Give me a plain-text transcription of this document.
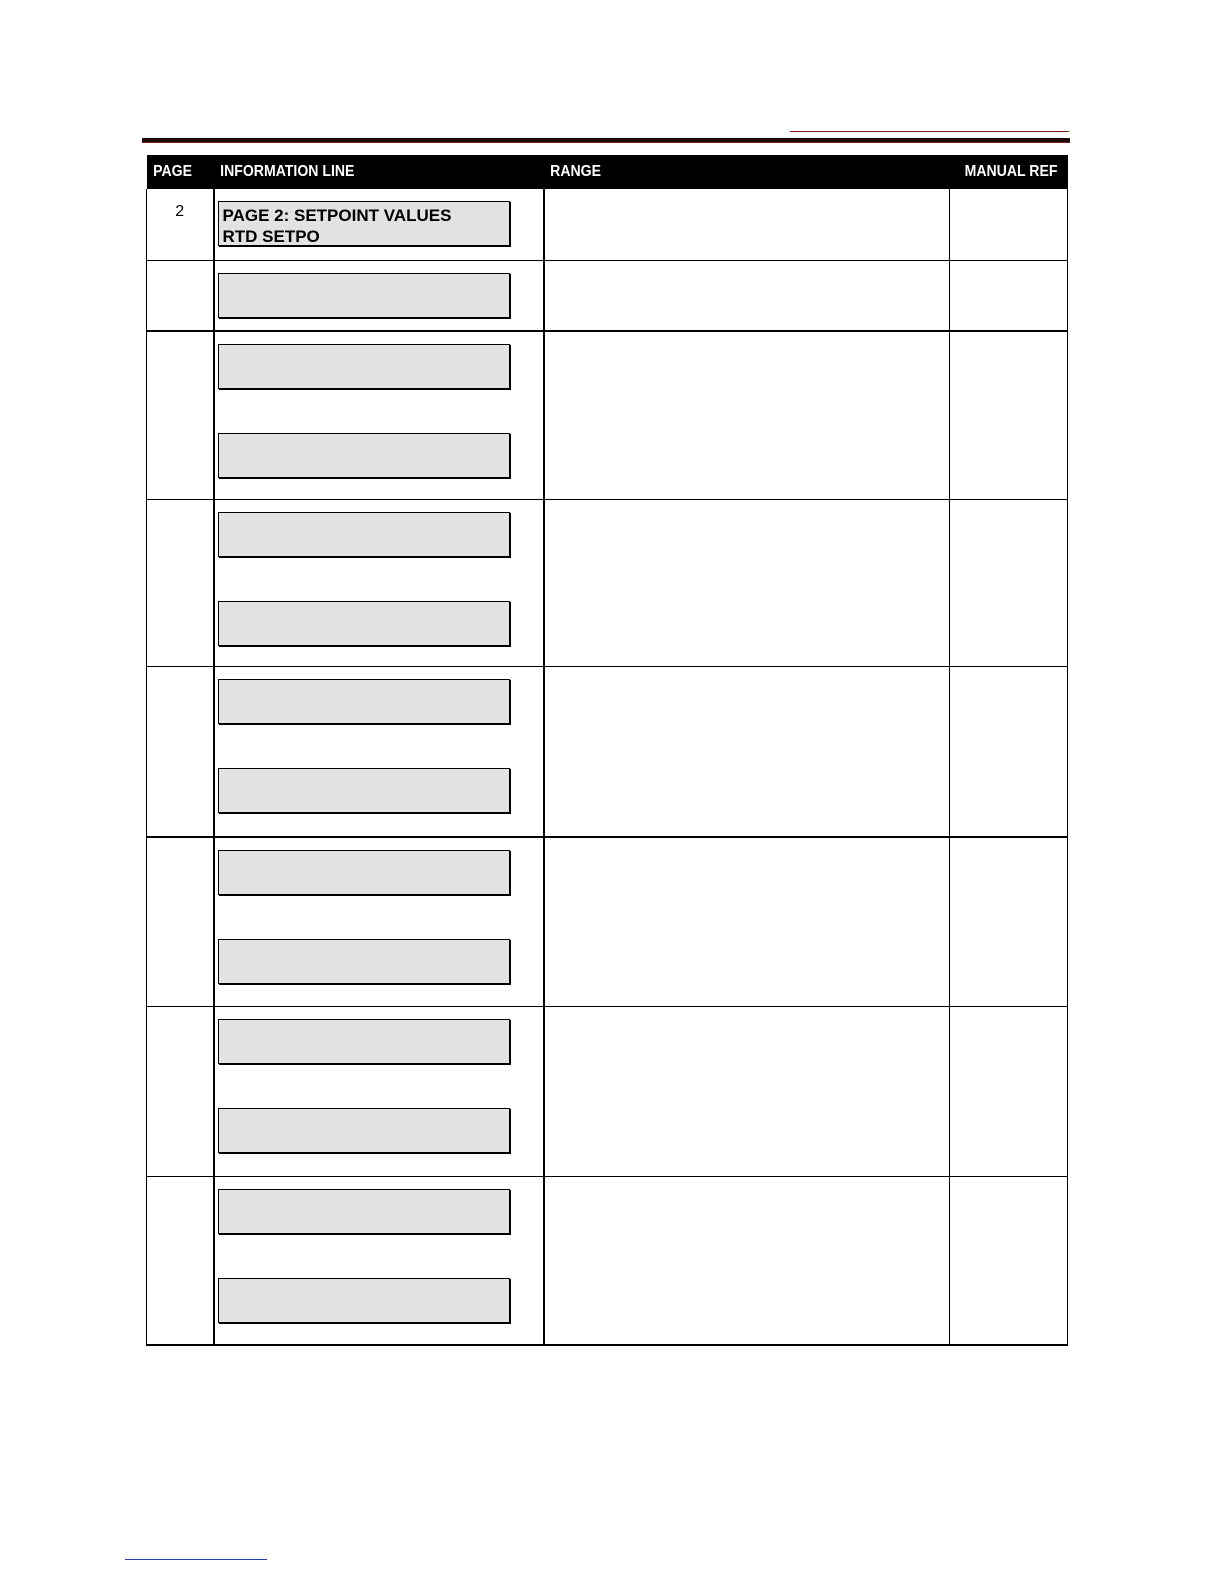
PAGE	INFORMATION LINE	RANGE	MANUAL REF
2	PAGE 2: SETPOINT VALUES
RTD SETPO		
